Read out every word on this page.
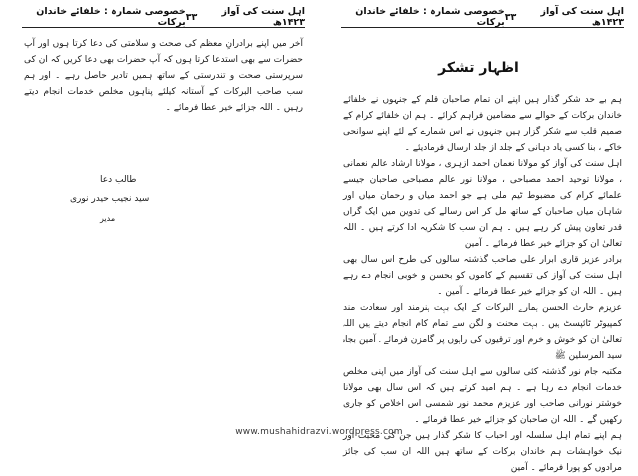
اہل سنت کی آواز ۱۴۲۳ھ
۳۳
خصوصی شمارہ : خلفائے خاندان برکات

آخر میں اپنے برادرانِ معظم کی صحت و سلامتی کی دعا کرتا ہوں اور آپ حضرات سے بھی استدعا کرتا ہوں کہ آپ حضرات بھی دعا کریں کہ ان کی سرپرستی صحت و تندرستی کے ساتھ ہمیں تادیر حاصل رہے ۔ اور ہم سب صاحب البرکات کے آستانہ کیلئے پناہوں مخلص خدمات انجام دیتے رہیں ۔ اللہ جزائے خیر عطا فرمائے ۔

طالب دعا
سید نجیب حیدر نوری
مدیر
اہل سنت کی آواز ۱۴۲۳ھ
۳۳
خصوصی شمارہ : خلفائے خاندان برکات
اظہار تشکر

ہم بے حد شکر گذار ہیں اپنے ان تمام صاحبان قلم کے جنہوں نے خلفائے خاندان برکات کے حوالے سے مضامین فراہم کرائے ۔ ہم ان خلفائے کرام کے صمیم قلب سے شکر گزار ہیں جنہوں نے اس شمارے کے لئے اپنے سوانحی خاکے ، بنا کسی یاد دہانی کے جلد از جلد ارسال فرمادیئے ۔

اہل سنت کی آواز کو مولانا نعمان احمد ازہری ، مولانا ارشاد عالم نعمانی ، مولانا توحید احمد مصباحی ، مولانا نور عالم مصباحی صاحبان جیسے علمائے کرام کی مضبوط ٹیم ملی ہے جو احمد میاں و رحمان میاں اور شاہان میاں صاحبان کے ساتھ مل کر اس رسالے کی تدوین میں ایک گراں قدر تعاون پیش کر رہے ہیں ۔ ہم ان سب کا شکریہ ادا کرتے ہیں ۔ اللہ تعالیٰ ان کو جزائے خیر عطا فرمائے ۔ آمین

برادر عزیز قاری ابرار علی صاحب گذشتہ سالوں کی طرح اس سال بھی اہل سنت کی آواز کی تقسیم کے کاموں کو بحسن و خوبی انجام دے رہے ہیں ۔ اللہ ان کو جزائے خیر عطا فرمائے ۔ آمین ۔

عزیزم حارث الحسن ہمارے البرکات کے ایک بہت ہنرمند اور سعادت مند کمپیوٹر ٹائپسٹ ہیں ۔ بہت محنت و لگن سے تمام کام انجام دیتے ہیں اللہ تعالیٰ ان کو خوش و خرم اور ترقیوں کی راہوں پر گامزن فرمائے ۔ آمین بجاہ سید المرسلین ﷺ

مکتبہ جام نور گذشتہ کئی سالوں سے اہل سنت کی آواز میں اپنی مخلص خدمات انجام دے رہا ہے ۔ ہم امید کرتے ہیں کہ اس سال بھی مولانا خوشتر نورانی صاحب اور عزیزم محمد نور شمسی اس اخلاص کو جاری رکھیں گے ۔ اللہ ان صاحبان کو جزائے خیر عطا فرمائے ۔

ہم اپنے تمام اہل سلسلہ اور احباب کا شکر گذار ہیں جن کی محبت اور نیک خواہشات ہم خاندان برکات کے ساتھ ہیں اللہ ان سب کی جائز مرادوں کو پورا فرمائے ۔ آمین

www.mushahidrazvi.wordpress.com
